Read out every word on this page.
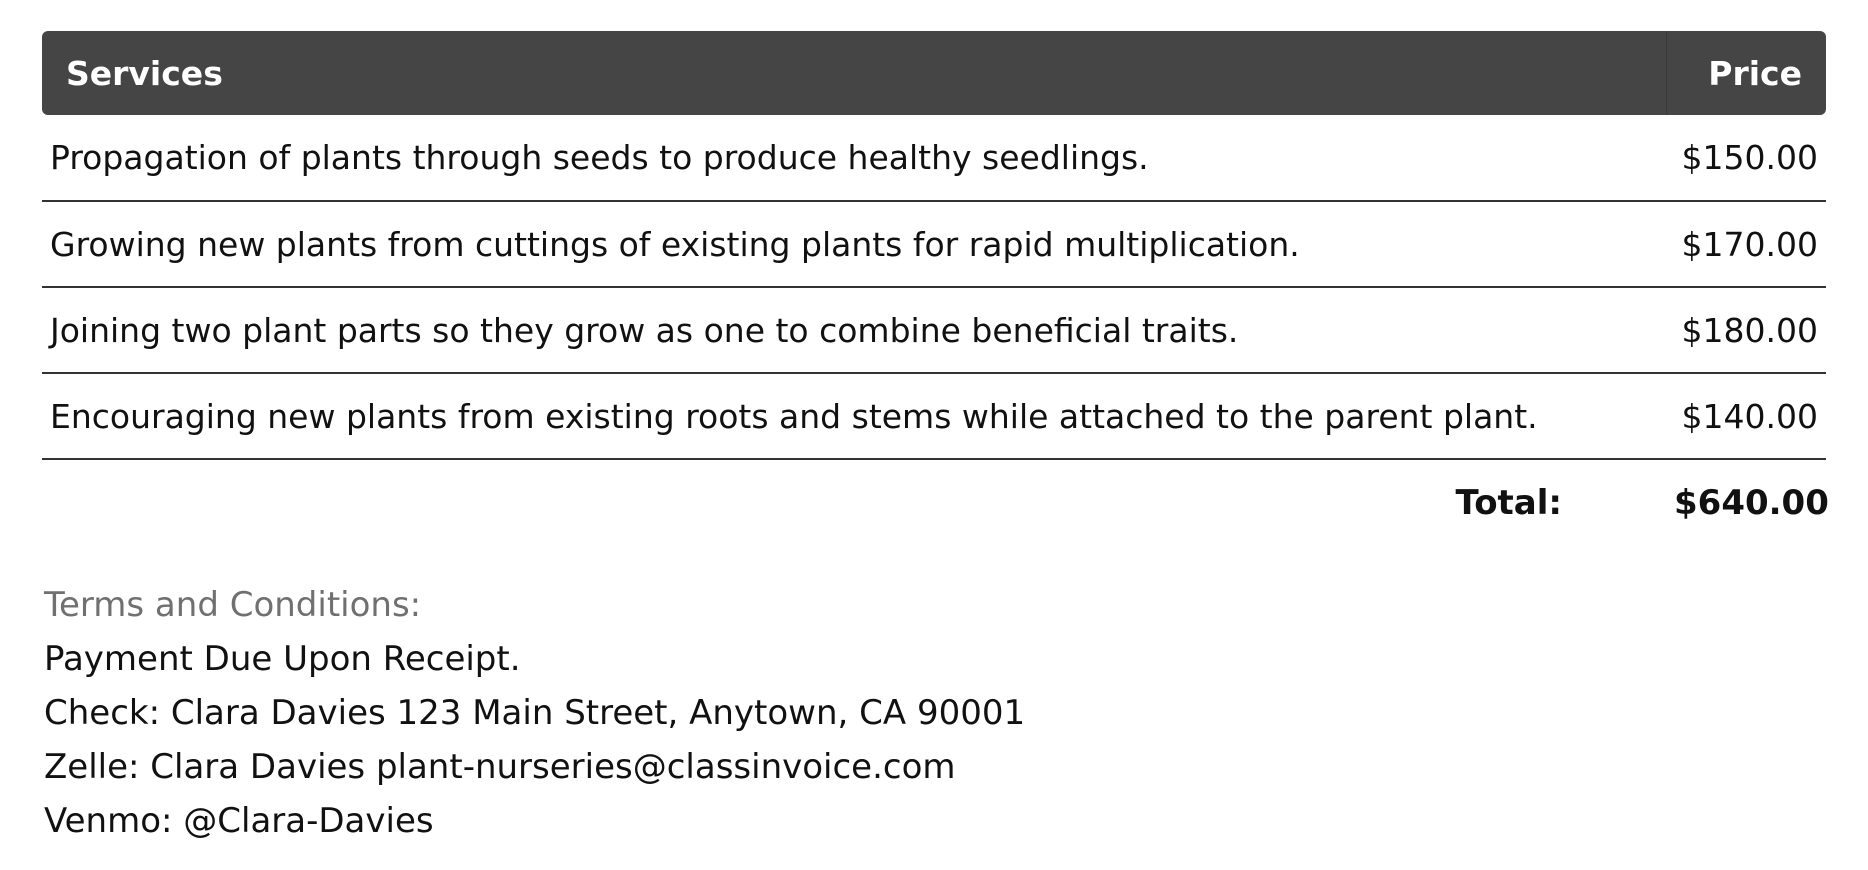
Services	Price
Propagation of plants through seeds to produce healthy seedlings.	$150.00
Growing new plants from cuttings of existing plants for rapid multiplication.	$170.00
Joining two plant parts so they grow as one to combine beneficial traits.	$180.00
Encouraging new plants from existing roots and stems while attached to the parent plant.	$140.00
Total:	$640.00
Terms and Conditions:
Payment Due Upon Receipt.
Check: Clara Davies 123 Main Street, Anytown, CA 90001
Zelle: Clara Davies plant-nurseries@classinvoice.com
Venmo: @Clara-Davies
